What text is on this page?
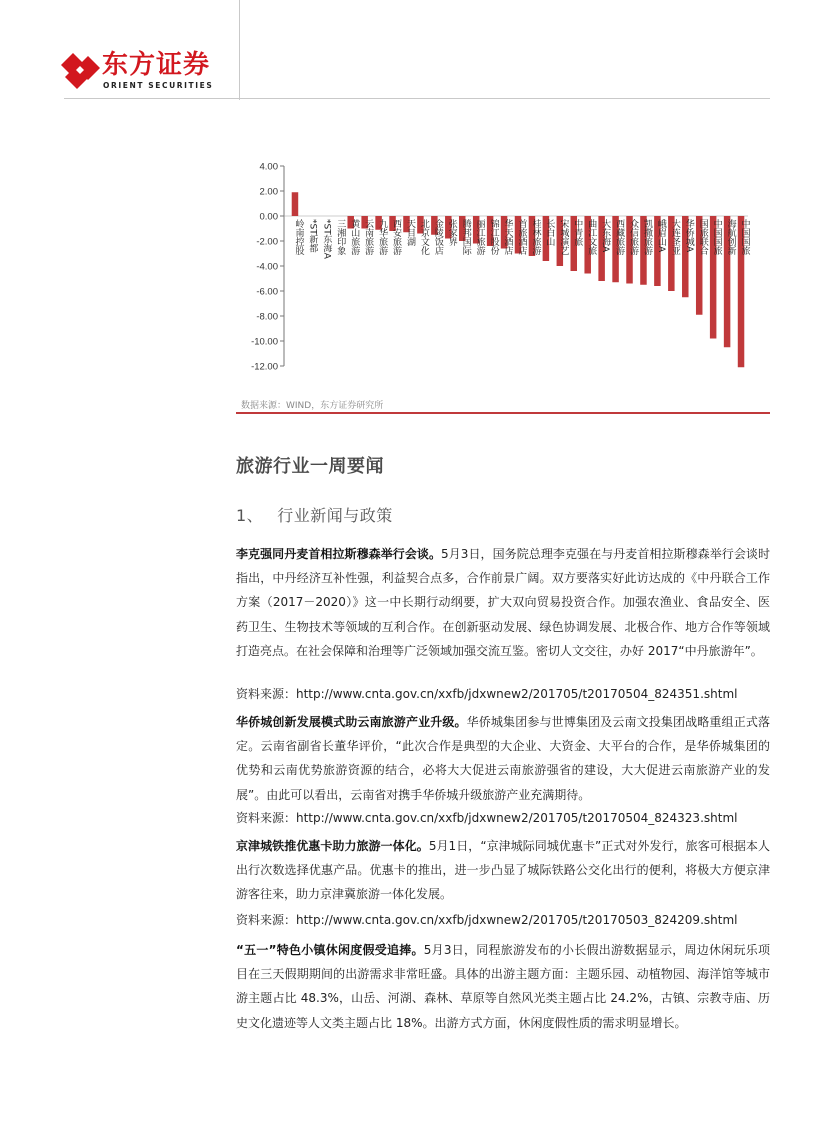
东方证券
ORIENT SECURITIES
4.00
2.00
0.00
-2.00
-4.00
-6.00
-8.00
-10.00
-12.00
岭南控股 *ST新都 *ST东海A 三湘印象 黄山旅游 云南旅游 九华旅游 西安旅游 天目湖 北京文化 金陵饭店 张家界 腾邦国际 丽江旅游 锦江股份 华天酒店 首旅酒店 桂林旅游 长白山 宋城演艺 中青旅 曲江文旅 大东海A 西藏旅游 众信旅游 凯撒旅游 峨眉山A 大连圣亚 华侨城A 国旅联合 中国国旅 海航创新 中国国旅
数据来源：WIND，东方证券研究所
旅游行业一周要闻
1、 行业新闻与政策
李克强同丹麦首相拉斯穆森举行会谈。5月3日，国务院总理李克强在与丹麦首相拉斯穆森举行会谈时指出，中丹经济互补性强，利益契合点多，合作前景广阔。双方要落实好此访达成的《中丹联合工作方案（2017－2020）》这一中长期行动纲要，扩大双向贸易投资合作。加强农渔业、食品安全、医药卫生、生物技术等领域的互利合作。在创新驱动发展、绿色协调发展、北极合作、地方合作等领域打造亮点。在社会保障和治理等广泛领域加强交流互鉴。密切人文交往，办好 2017“中丹旅游年”。
资料来源：http://www.cnta.gov.cn/xxfb/jdxwnew2/201705/t20170504_824351.shtml
华侨城创新发展模式助云南旅游产业升级。华侨城集团参与世博集团及云南文投集团战略重组正式落定。云南省副省长董华评价，“此次合作是典型的大企业、大资金、大平台的合作，是华侨城集团的优势和云南优势旅游资源的结合，必将大大促进云南旅游强省的建设，大大促进云南旅游产业的发展”。由此可以看出，云南省对携手华侨城升级旅游产业充满期待。
资料来源：http://www.cnta.gov.cn/xxfb/jdxwnew2/201705/t20170504_824323.shtml
京津城铁推优惠卡助力旅游一体化。5月1日，“京津城际同城优惠卡”正式对外发行，旅客可根据本人出行次数选择优惠产品。优惠卡的推出，进一步凸显了城际铁路公交化出行的便利，将极大方便京津游客往来，助力京津冀旅游一体化发展。
资料来源：http://www.cnta.gov.cn/xxfb/jdxwnew2/201705/t20170503_824209.shtml
“五一”特色小镇休闲度假受追捧。5月3日，同程旅游发布的小长假出游数据显示，周边休闲玩乐项目在三天假期期间的出游需求非常旺盛。具体的出游主题方面：主题乐园、动植物园、海洋馆等城市游主题占比 48.3%，山岳、河湖、森林、草原等自然风光类主题占比 24.2%，古镇、宗教寺庙、历史文化遗迹等人文类主题占比 18%。出游方式方面，休闲度假性质的需求明显增长。
